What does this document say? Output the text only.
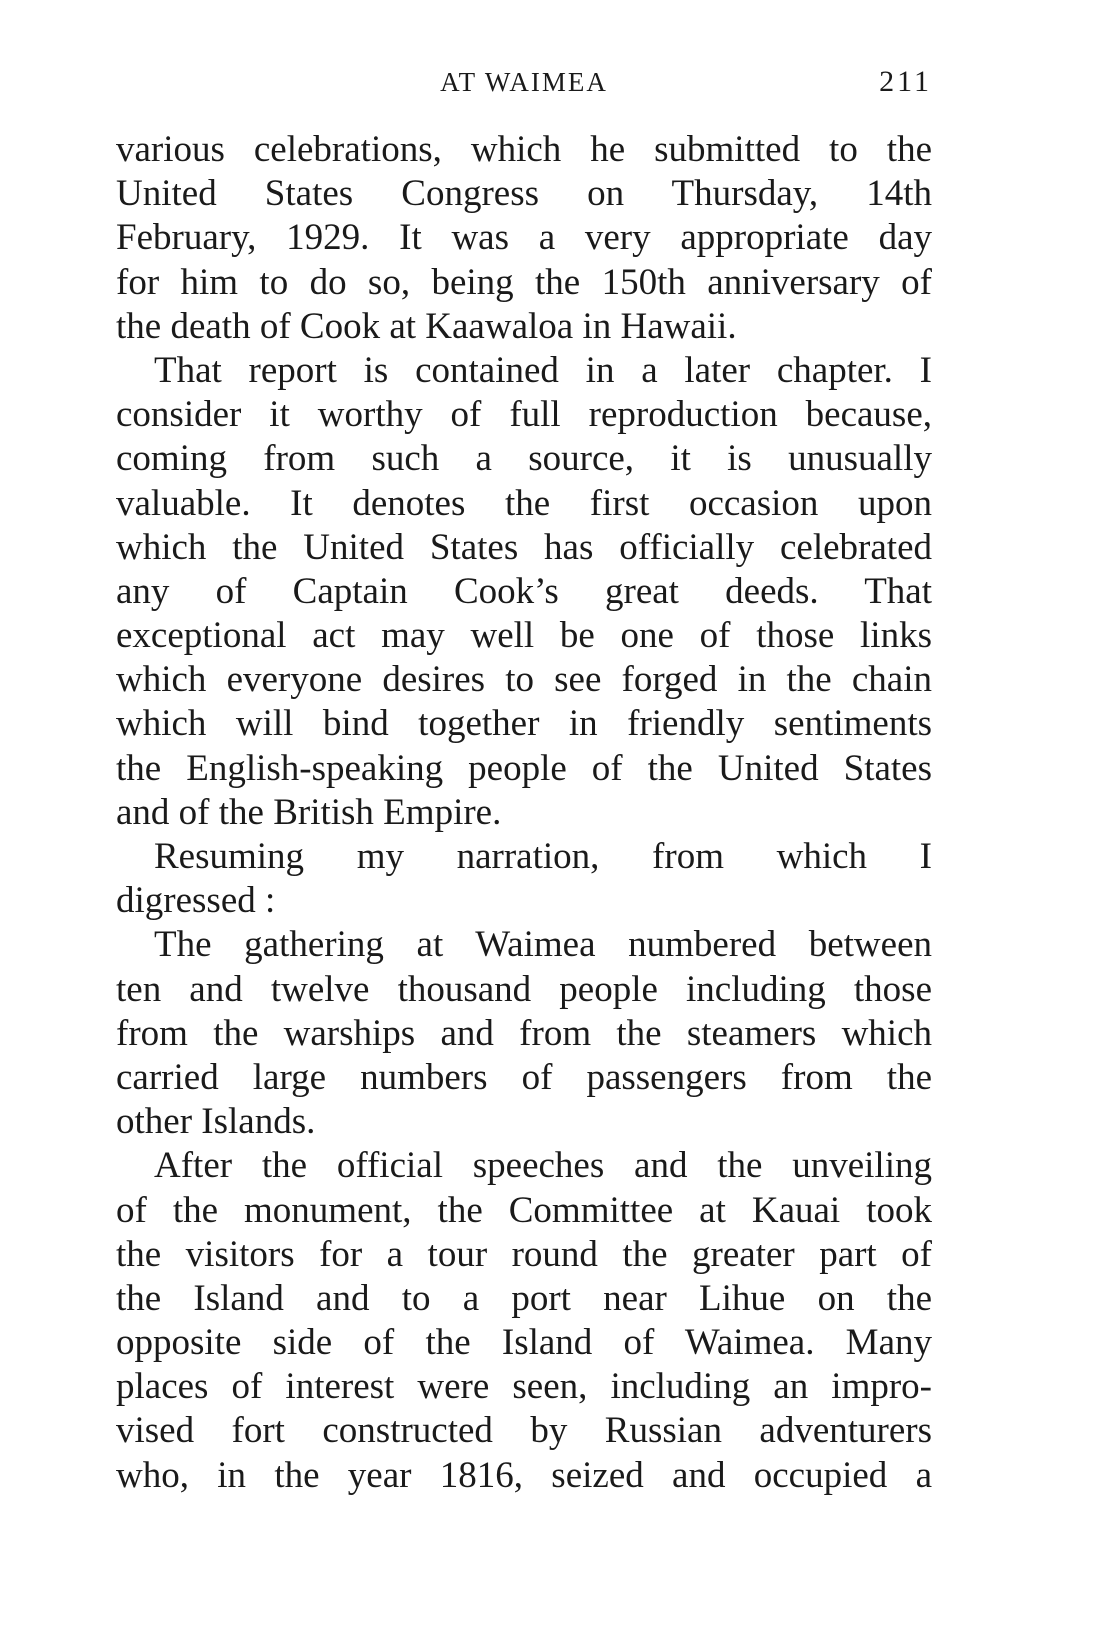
AT WAIMEA	211
various celebrations, which he submitted to the
United States Congress on Thursday, 14th
February, 1929. It was a very appropriate day
for him to do so, being the 150th anniversary of
the death of Cook at Kaawaloa in Hawaii.
That report is contained in a later chapter. I
consider it worthy of full reproduction because,
coming from such a source, it is unusually
valuable. It denotes the first occasion upon
which the United States has officially celebrated
any of Captain Cook’s great deeds. That
exceptional act may well be one of those links
which everyone desires to see forged in the chain
which will bind together in friendly sentiments
the English-speaking people of the United States
and of the British Empire.
Resuming my narration, from which I
digressed :
The gathering at Waimea numbered between
ten and twelve thousand people including those
from the warships and from the steamers which
carried large numbers of passengers from the
other Islands.
After the official speeches and the unveiling
of the monument, the Committee at Kauai took
the visitors for a tour round the greater part of
the Island and to a port near Lihue on the
opposite side of the Island of Waimea. Many
places of interest were seen, including an impro-
vised fort constructed by Russian adventurers
who, in the year 1816, seized and occupied a
